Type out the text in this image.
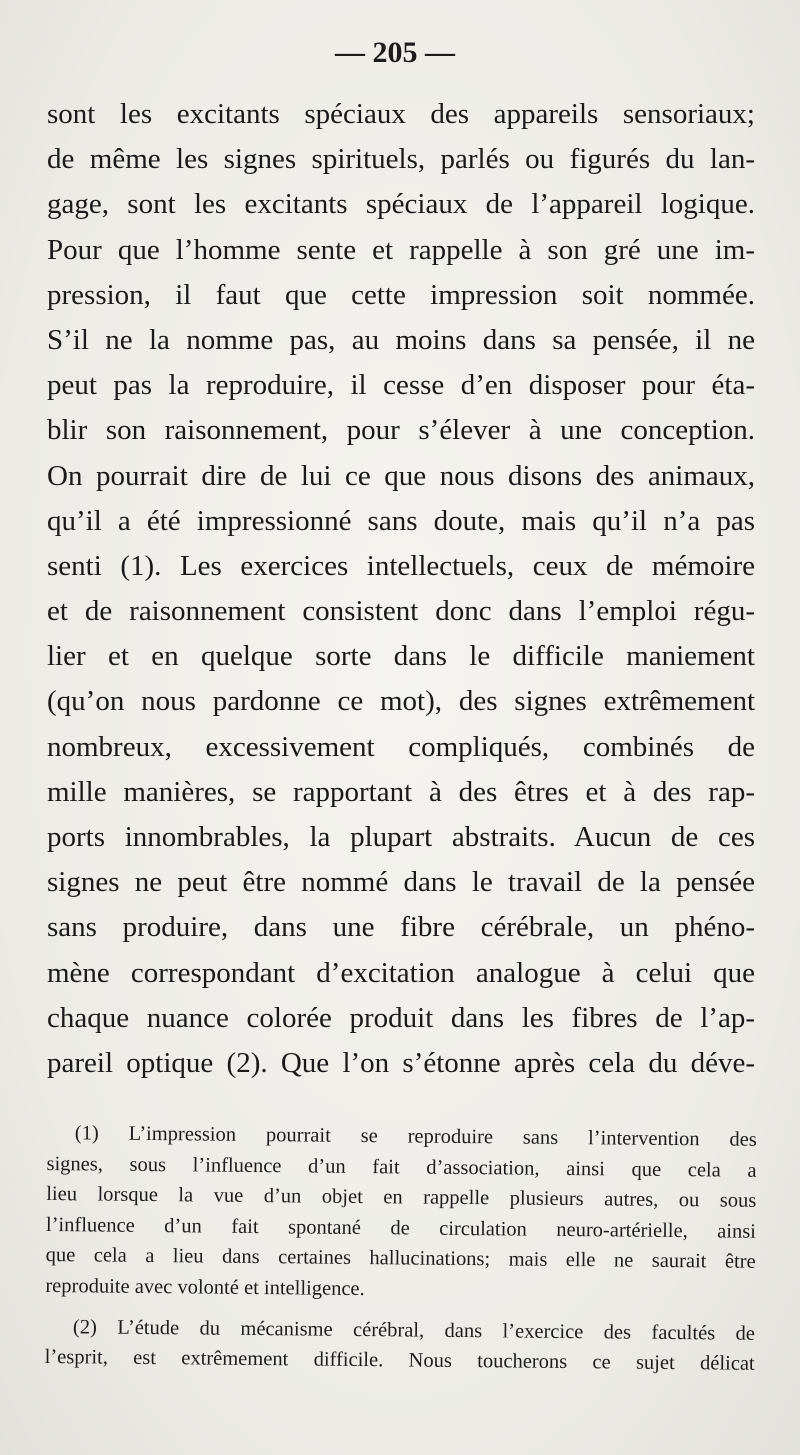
— 205 —
sont les excitants spéciaux des appareils sensoriaux;
de même les signes spirituels, parlés ou figurés du lan-
gage, sont les excitants spéciaux de l’appareil logique.
Pour que l’homme sente et rappelle à son gré une im-
pression, il faut que cette impression soit nommée.
S’il ne la nomme pas, au moins dans sa pensée, il ne
peut pas la reproduire, il cesse d’en disposer pour éta-
blir son raisonnement, pour s’élever à une conception.
On pourrait dire de lui ce que nous disons des animaux,
qu’il a été impressionné sans doute, mais qu’il n’a pas
senti (1). Les exercices intellectuels, ceux de mémoire
et de raisonnement consistent donc dans l’emploi régu-
lier et en quelque sorte dans le difficile maniement
(qu’on nous pardonne ce mot), des signes extrêmement
nombreux, excessivement compliqués, combinés de
mille manières, se rapportant à des êtres et à des rap-
ports innombrables, la plupart abstraits. Aucun de ces
signes ne peut être nommé dans le travail de la pensée
sans produire, dans une fibre cérébrale, un phéno-
mène correspondant d’excitation analogue à celui que
chaque nuance colorée produit dans les fibres de l’ap-
pareil optique (2). Que l’on s’étonne après cela du déve-
(1) L’impression pourrait se reproduire sans l’intervention des
signes, sous l’influence d’un fait d’association, ainsi que cela a
lieu lorsque la vue d’un objet en rappelle plusieurs autres, ou sous
l’influence d’un fait spontané de circulation neuro-artérielle, ainsi
que cela a lieu dans certaines hallucinations; mais elle ne saurait être
reproduite avec volonté et intelligence.
(2) L’étude du mécanisme cérébral, dans l’exercice des facultés de
l’esprit, est extrêmement difficile. Nous toucherons ce sujet délicat
